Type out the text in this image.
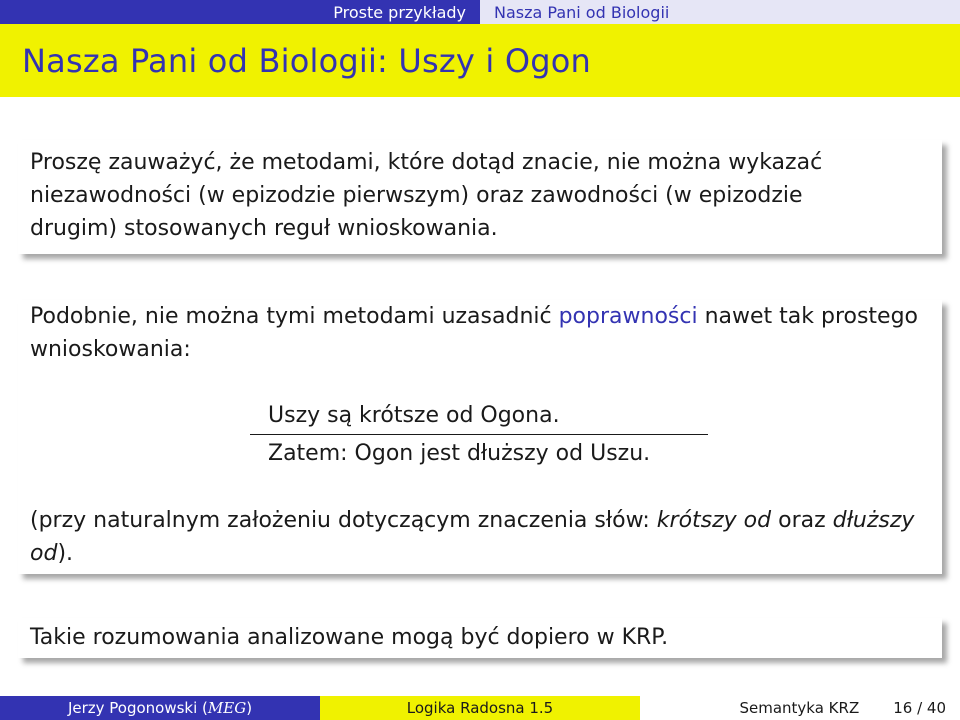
Proste przykłady Nasza Pani od Biologii
Nasza Pani od Biologii: Uszy i Ogon
Proszę zauważyć, że metodami, które dotąd znacie, nie można wykazać
niezawodności (w epizodzie pierwszym) oraz zawodności (w epizodzie
drugim) stosowanych reguł wnioskowania.
Podobnie, nie można tymi metodami uzasadnić poprawności nawet tak prostego wnioskowania:
Uszy są krótsze od Ogona.
Zatem: Ogon jest dłuższy od Uszu.
(przy naturalnym założeniu dotyczącym znaczenia słów: krótszy od oraz dłuższy od).
Takie rozumowania analizowane mogą być dopiero w KRP.
Jerzy Pogonowski ( MEG )	Logika Radosna 1.5	Semantyka KRZ 16 / 40
